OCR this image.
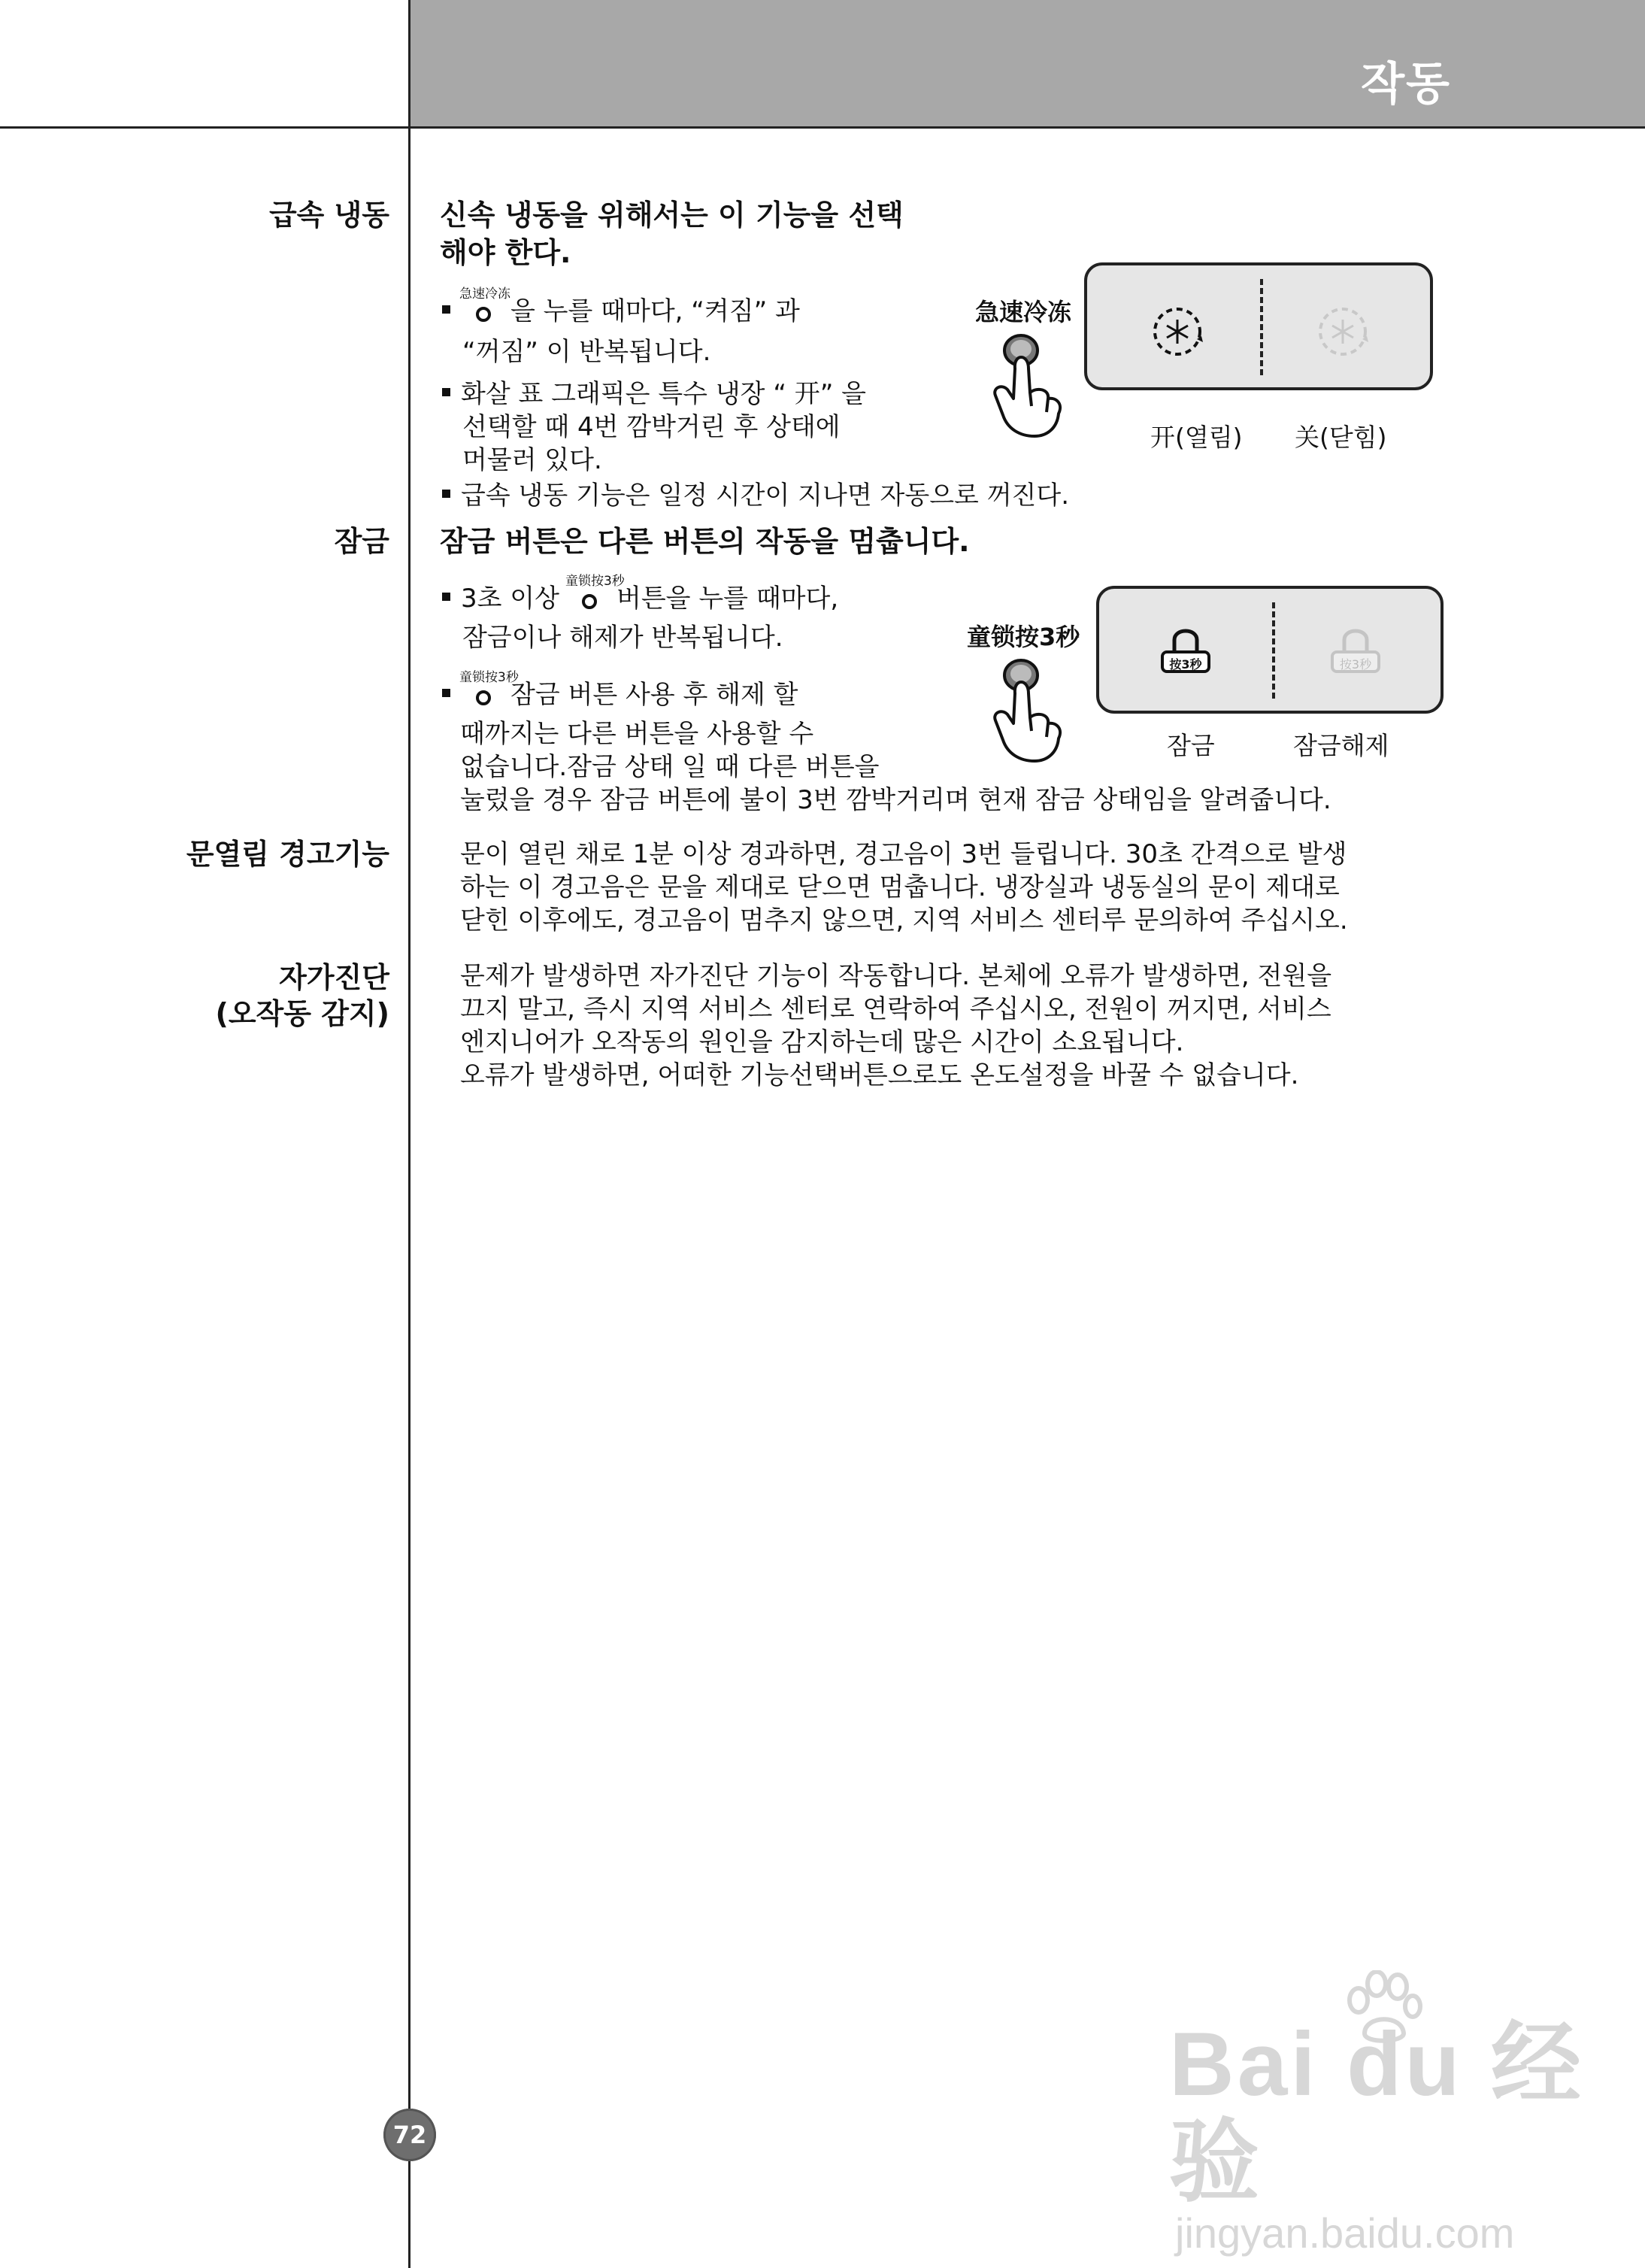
작동
급속 냉동 신속 냉동을 위해서는 이 기능을 선택
해야 한다.
急速冷冻
을 누를 때마다, “켜짐” 과
“꺼짐” 이 반복됩니다.
화살 표 그래픽은 특수 냉장 “ 开” 을
선택할 때 4번 깜박거린 후 상태에
머물러 있다.
급속 냉동 기능은 일정 시간이 지나면 자동으로 꺼진다.
急速冷冻
开(열림) 关(닫힘)
잠금 잠금 버튼은 다른 버튼의 작동을 멈춥니다.
3초 이상
童锁按3秒
버튼을 누를 때마다,
잠금이나 해제가 반복됩니다.
童锁按3秒
잠금 버튼 사용 후 해제 할
때까지는 다른 버튼을 사용할 수
없습니다.잠금 상태 일 때 다른 버튼을
눌렀을 경우 잠금 버튼에 불이 3번 깜박거리며 현재 잠금 상태임을 알려줍니다.
童锁按3秒
按3秒	按3秒
잠금	잠금해제
문열림 경고기능	문이 열린 채로 1분 이상 경과하면, 경고음이 3번 들립니다. 30초 간격으로 발생
하는 이 경고음은 문을 제대로 닫으면 멈춥니다. 냉장실과 냉동실의 문이 제대로
닫힌 이후에도, 경고음이 멈추지 않으면, 지역 서비스 센터루 문의하여 주십시오.
자가진단
(오작동 감지)
문제가 발생하면 자가진단 기능이 작동합니다. 본체에 오류가 발생하면, 전원을
끄지 말고, 즉시 지역 서비스 센터로 연락하여 주십시오, 전원이 꺼지면, 서비스
엔지니어가 오작동의 원인을 감지하는데 많은 시간이 소요됩니다.
오류가 발생하면, 어떠한 기능선택버튼으로도 온도설정을 바꿀 수 없습니다.
72
Bai du 经验
jingyan.baidu.com
